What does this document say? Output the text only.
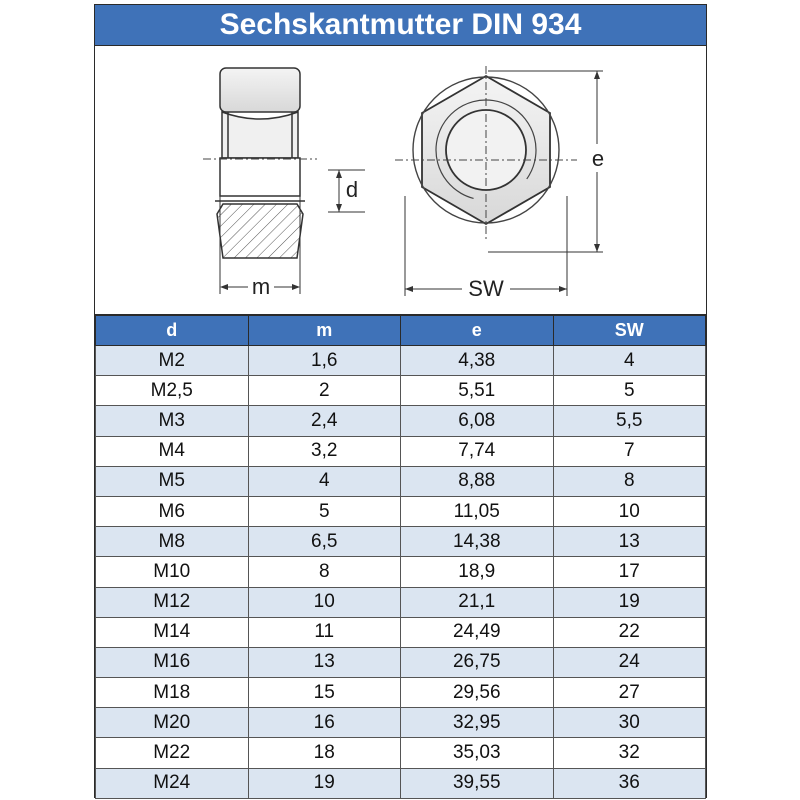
Sechskantmutter DIN 934
m
d
e
SW
d	m	e	SW
M2	1,6	4,38	4
M2,5	2	5,51	5
M3	2,4	6,08	5,5
M4	3,2	7,74	7
M5	4	8,88	8
M6	5	11,05	10
M8	6,5	14,38	13
M10	8	18,9	17
M12	10	21,1	19
M14	11	24,49	22
M16	13	26,75	24
M18	15	29,56	27
M20	16	32,95	30
M22	18	35,03	32
M24	19	39,55	36
